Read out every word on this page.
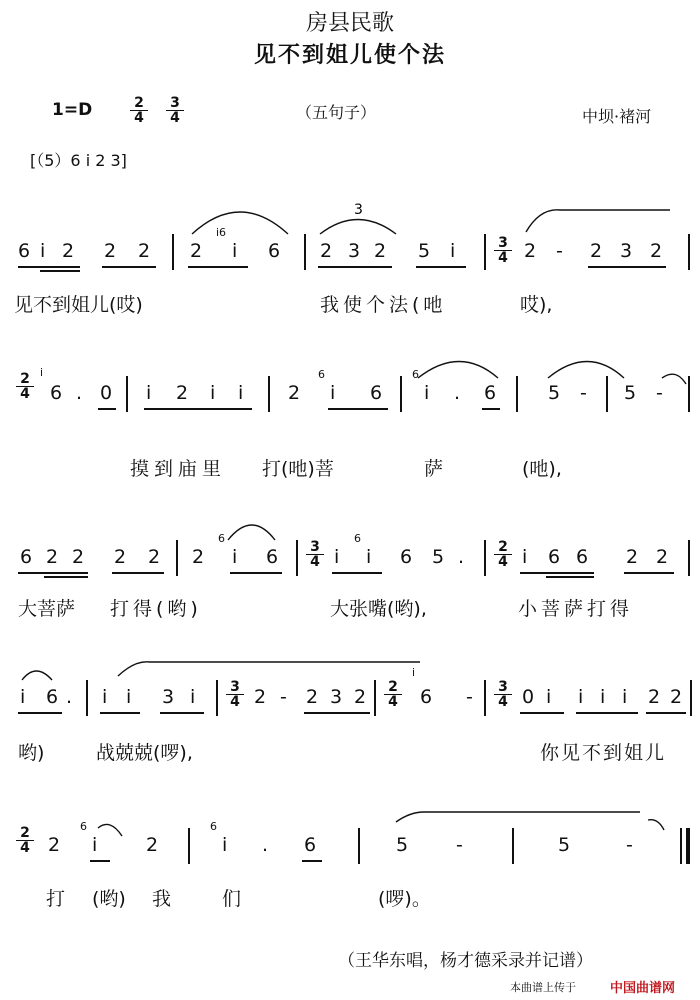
房县民歌
见不到姐儿使个法
1=D	$\frac{2}{4} \frac{3}{4}$	（五句子）	中坝·褚河
[（5）6 i 2 3]
3
6 i 2 2 2 2
i6
i 6 2 3 2 5 i	$\frac{3}{4} 2 - 2$ 3 2
见不到姐儿(哎)	我使个法(吔	哎),
$\frac{2}{4}$ i
6 . 0 i 2 i i 2
6
i 6
6
i . 6	5 - 5 -
摸到庙里 打(吔)菩	萨	(吔),
6 2 2 2 2 2
6
i $6 \frac{3}{4}$ i
6
i 6 5 . $\frac{2}{4}$ i 6 6 2 2
大菩萨 打得(哟)	大张嘴(哟),	小菩萨打得
i 6 . i i 3 i $\frac{3}{4} 2 - 2$ 3 $2 \frac{2}{4}$
i
$6 - \frac{3}{4} 0$ i i i i 2 2
哟)	战兢兢(啰),	你见不到姐儿
$\frac{2}{4} 2$
6
i	2
6
i . 6	5	-	5	-
打 (哟) 我	们	(啰)。
（王华东唱，杨才德采录并记谱）
本曲谱上传于	中国曲谱网
